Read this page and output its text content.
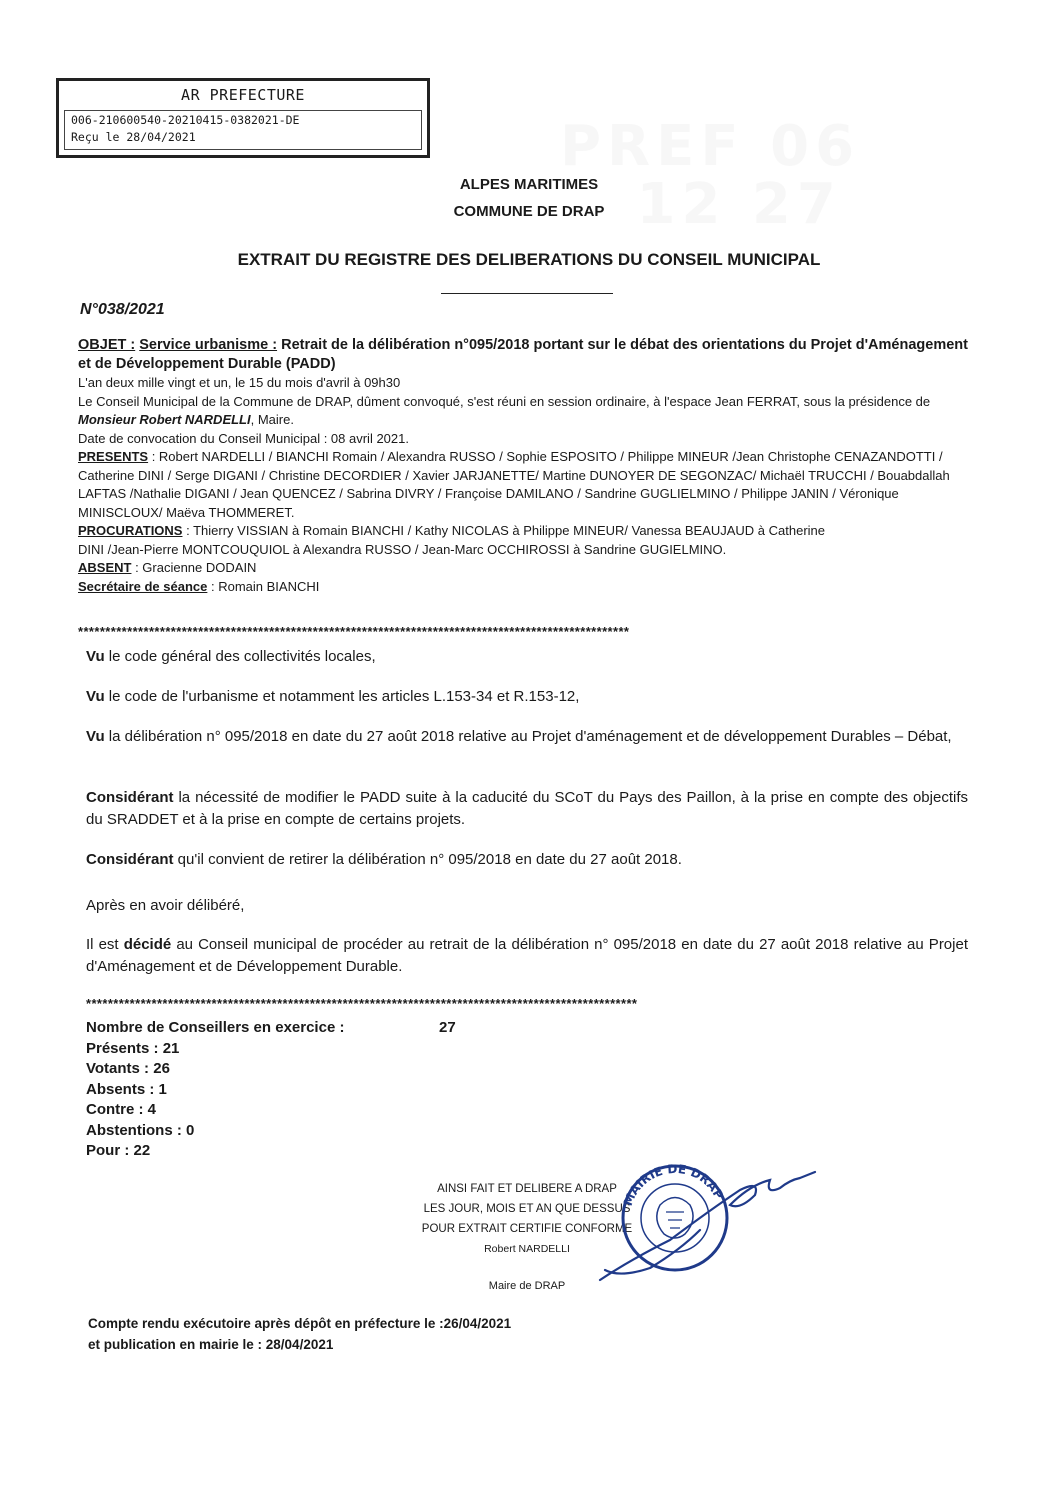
AR PREFECTURE
006-210600540-20210415-0382021-DE
Reçu le 28/04/2021	PREF 06
12 27
ALPES MARITIMES
COMMUNE DE DRAP
EXTRAIT DU REGISTRE DES DELIBERATIONS DU CONSEIL MUNICIPAL
N°038/2021

OBJET : Service urbanisme : Retrait de la délibération n°095/2018 portant sur le débat des orientations du Projet d'Aménagement et de Développement Durable (PADD)

L'an deux mille vingt et un, le 15 du mois d'avril à 09h30

Le Conseil Municipal de la Commune de DRAP, dûment convoqué, s'est réuni en session ordinaire, à l'espace Jean FERRAT, sous la présidence de Monsieur Robert NARDELLI, Maire.

Date de convocation du Conseil Municipal : 08 avril 2021.

PRESENTS : Robert NARDELLI / BIANCHI Romain / Alexandra RUSSO / Sophie ESPOSITO / Philippe MINEUR /Jean Christophe CENAZANDOTTI / Catherine DINI / Serge DIGANI / Christine DECORDIER / Xavier JARJANETTE/ Martine DUNOYER DE SEGONZAC/ Michaël TRUCCHI / Bouabdallah LAFTAS /Nathalie DIGANI / Jean QUENCEZ / Sabrina DIVRY / Françoise DAMILANO / Sandrine GUGLIELMINO / Philippe JANIN / Véronique MINISCLOUX/ Maëva THOMMERET.

PROCURATIONS : Thierry VISSIAN à Romain BIANCHI / Kathy NICOLAS à Philippe MINEUR/ Vanessa BEAUJAUD à Catherine DINI /Jean-Pierre MONTCOUQUIOL à Alexandra RUSSO / Jean-Marc OCCHIROSSI à Sandrine GUGIELMINO.

ABSENT : Gracienne DODAIN

Secrétaire de séance : Romain BIANCHI

*****************************************************************************************************

Vu le code général des collectivités locales,

Vu le code de l'urbanisme et notamment les articles L.153-34 et R.153-12,

Vu la délibération n° 095/2018 en date du 27 août 2018 relative au Projet d'aménagement et de développement Durables – Débat,

Considérant la nécessité de modifier le PADD suite à la caducité du SCoT du Pays des Paillon, à la prise en compte des objectifs du SRADDET et à la prise en compte de certains projets.

Considérant qu'il convient de retirer la délibération n° 095/2018 en date du 27 août 2018.

Après en avoir délibéré,

Il est décidé au Conseil municipal de procéder au retrait de la délibération n° 095/2018 en date du 27 août 2018 relative au Projet d'Aménagement et de Développement Durable.

*****************************************************************************************************
Nombre de Conseillers en exercice :	27
Présents : 21
Votants : 26
Absents : 1
Contre : 4
Abstentions : 0
Pour : 22
AINSI FAIT ET DELIBERE A DRAP
LES JOUR, MOIS ET AN QUE DESSUS
POUR EXTRAIT CERTIFIE CONFORME
Robert NARDELLI
Maire de DRAP
MAIRIE DE DRAP
Compte rendu exécutoire après dépôt en préfecture le :26/04/2021
et publication en mairie le : 28/04/2021
